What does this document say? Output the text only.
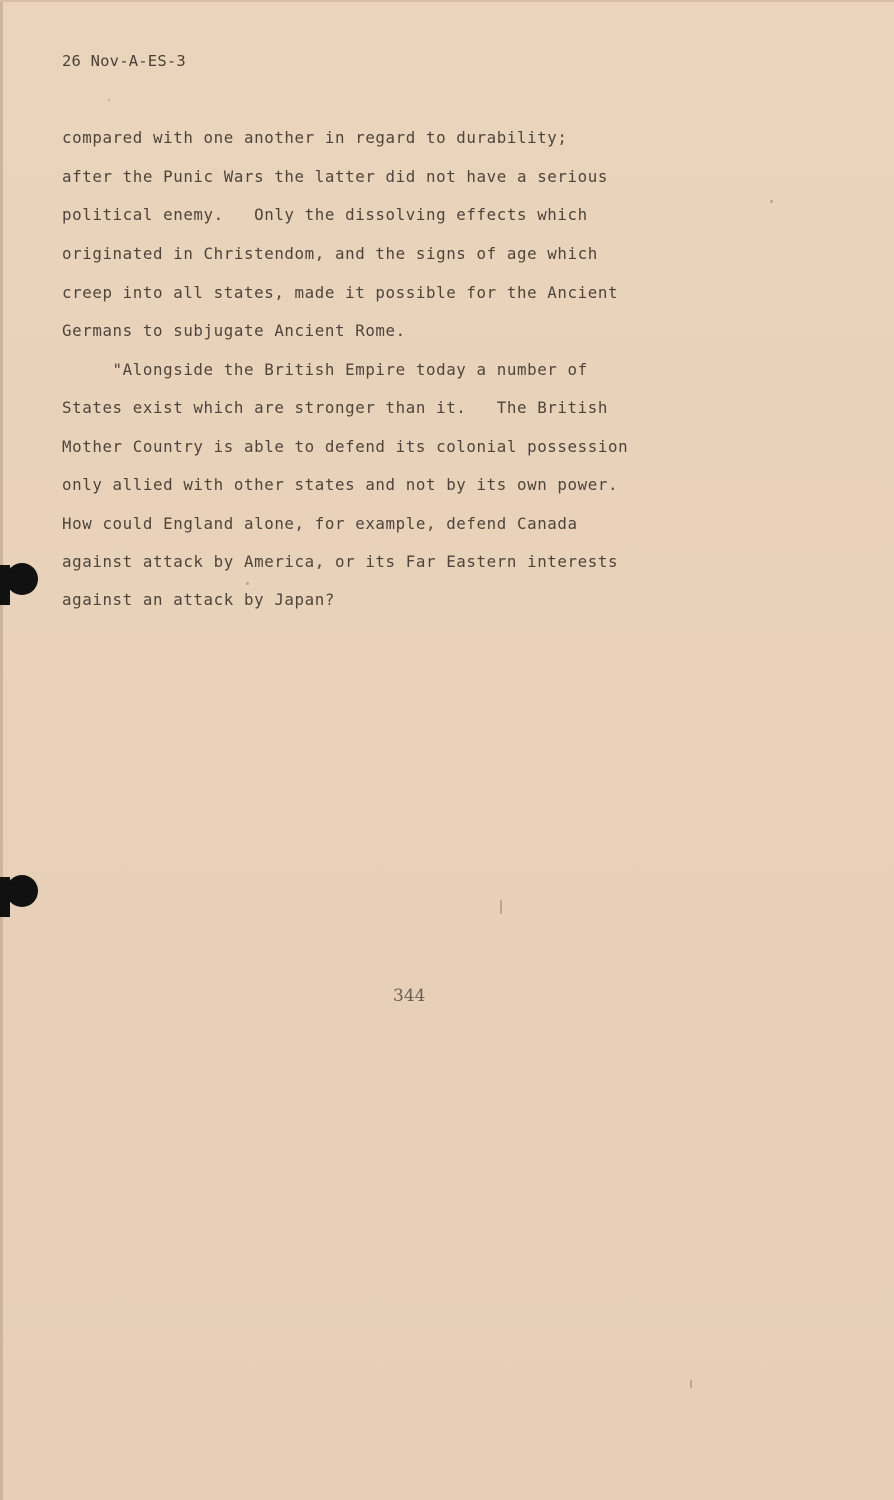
26 Nov-A-ES-3
compared with one another in regard to durability;
after the Punic Wars the latter did not have a serious
political enemy.   Only the dissolving effects which
originated in Christendom, and the signs of age which
creep into all states, made it possible for the Ancient
Germans to subjugate Ancient Rome.
"Alongside the British Empire today a number of
States exist which are stronger than it.   The British
Mother Country is able to defend its colonial possession
only allied with other states and not by its own power.
How could England alone, for example, defend Canada
against attack by America, or its Far Eastern interests
against an attack by Japan?
344
